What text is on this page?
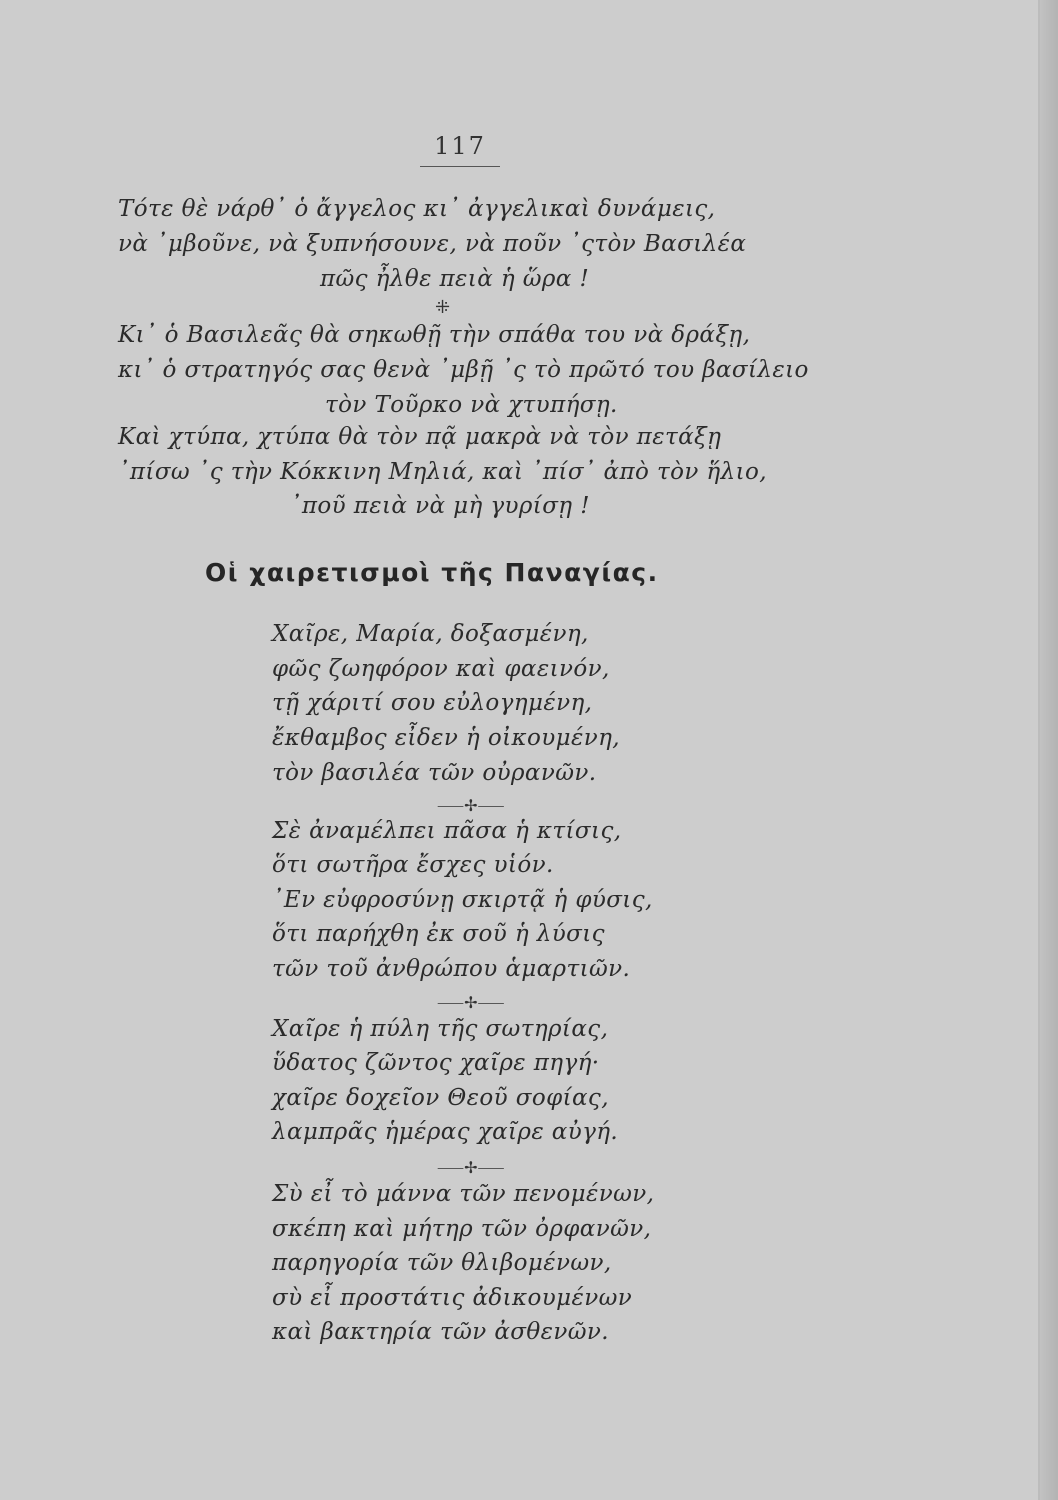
117
Τότε θὲ νάρθ᾽ ὁ ἄγγελος κι᾽ ἀγγελικαὶ δυνάμεις,
νὰ ᾽μβοῦνε, νὰ ξυπνήσουνε, νὰ ποῦν ᾽ςτὸν Βασιλέα
πῶς ἦλθε πειὰ ἡ ὥρα !
⁜
Κι᾽ ὁ Βασιλεᾶς θὰ σηκωθῇ τὴν σπάθα του νὰ δράξῃ,
κι᾽ ὁ στρατηγός σας θενὰ ᾽μβῇ ᾽ς τὸ πρῶτό του βασίλειο
τὸν Τοῦρκο νὰ χτυπήσῃ.
Καὶ χτύπα, χτύπα θὰ τὸν πᾷ μακρὰ νὰ τὸν πετάξῃ
᾽πίσω ᾽ς τὴν Κόκκινη Μηλιά, καὶ ᾽πίσ᾽ ἀπὸ τὸν ἥλιο,
᾽ποῦ πειὰ νὰ μὴ γυρίσῃ !
Οἱ χαιρετισμοὶ τῆς Παναγίας.
Χαῖρε, Μαρία, δοξασμένη,
φῶς ζωηφόρον καὶ φαεινόν,
τῇ χάριτί σου εὐλογημένη,
ἔκθαμβος εἶδεν ἡ οἰκουμένη,
τὸν βασιλέα τῶν οὐρανῶν.
⸺✢⸺
Σὲ ἀναμέλπει πᾶσα ἡ κτίσις,
ὅτι σωτῆρα ἔσχες υἱόν.
᾽Εν εὐφροσύνῃ σκιρτᾷ ἡ φύσις,
ὅτι παρήχθη ἐκ σοῦ ἡ λύσις
τῶν τοῦ ἀνθρώπου ἁμαρτιῶν.
⸺✢⸺
Χαῖρε ἡ πύλη τῆς σωτηρίας,
ὕδατος ζῶντος χαῖρε πηγή·
χαῖρε δοχεῖον Θεοῦ σοφίας,
λαμπρᾶς ἡμέρας χαῖρε αὐγή.
⸺✢⸺
Σὺ εἶ τὸ μάννα τῶν πενομένων,
σκέπη καὶ μήτηρ τῶν ὀρφανῶν,
παρηγορία τῶν θλιβομένων,
σὺ εἶ προστάτις ἀδικουμένων
καὶ βακτηρία τῶν ἀσθενῶν.
